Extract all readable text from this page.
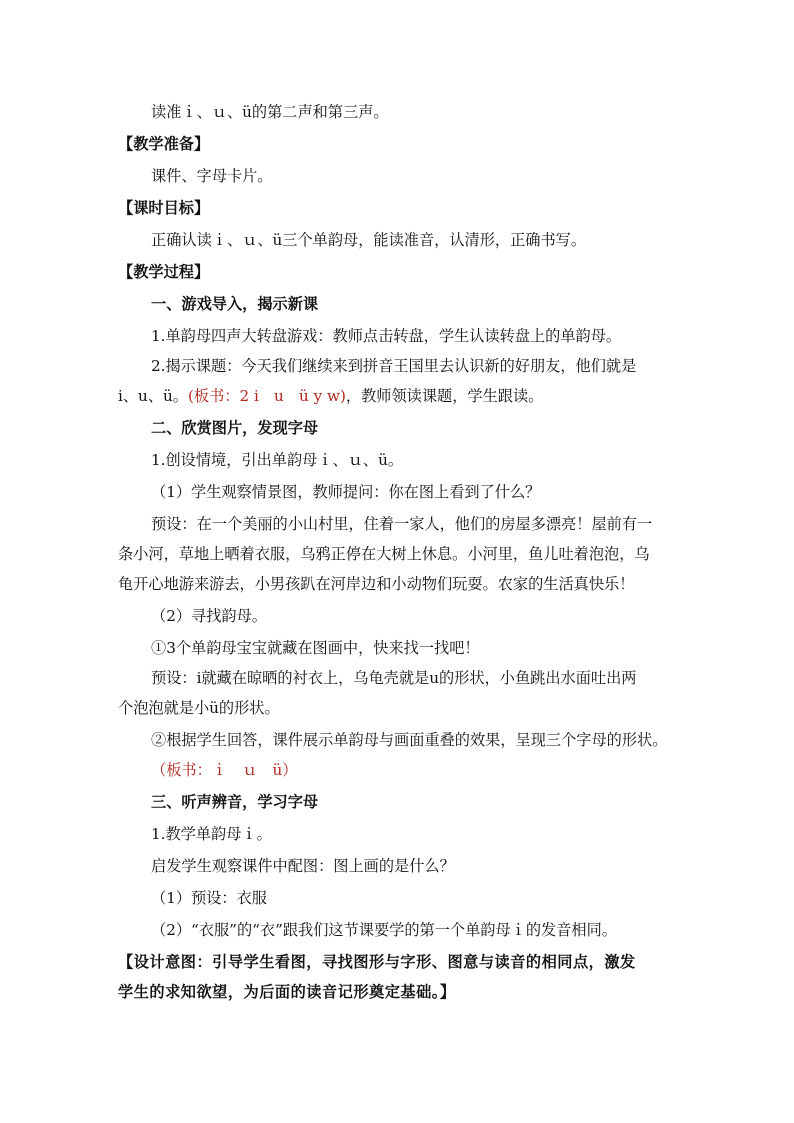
读准ｉ、ｕ、ü的第二声和第三声。
【教学准备】
课件、字母卡片。
【课时目标】
正确认读ｉ、ｕ、ü三个单韵母，能读准音，认清形，正确书写。
【教学过程】
一、游戏导入，揭示新课
1.单韵母四声大转盘游戏：教师点击转盘，学生认读转盘上的单韵母。
2.揭示课题：今天我们继续来到拼音王国里去认识新的好朋友，他们就是
i、u、ü。(板书：2 i　u　ü y w)，教师领读课题，学生跟读。
二、欣赏图片，发现字母
1.创设情境，引出单韵母ｉ、ｕ、ü。
（1）学生观察情景图，教师提问：你在图上看到了什么？
预设：在一个美丽的小山村里，住着一家人，他们的房屋多漂亮！屋前有一
条小河，草地上晒着衣服，乌鸦正停在大树上休息。小河里，鱼儿吐着泡泡，乌
龟开心地游来游去，小男孩趴在河岸边和小动物们玩耍。农家的生活真快乐！
（2）寻找韵母。
①3个单韵母宝宝就藏在图画中，快来找一找吧！
预设：i就藏在晾晒的衬衣上，乌龟壳就是u的形状，小鱼跳出水面吐出两
个泡泡就是小ü的形状。
②根据学生回答，课件展示单韵母与画面重叠的效果，呈现三个字母的形状。
（板书：ｉ　ｕ　ü）
三、听声辨音，学习字母
1.教学单韵母ｉ。
启发学生观察课件中配图：图上画的是什么？
（1）预设：衣服
（2）“衣服”的“衣”跟我们这节课要学的第一个单韵母ｉ的发音相同。
【设计意图：引导学生看图，寻找图形与字形、图意与读音的相同点，激发
学生的求知欲望，为后面的读音记形奠定基础。】
